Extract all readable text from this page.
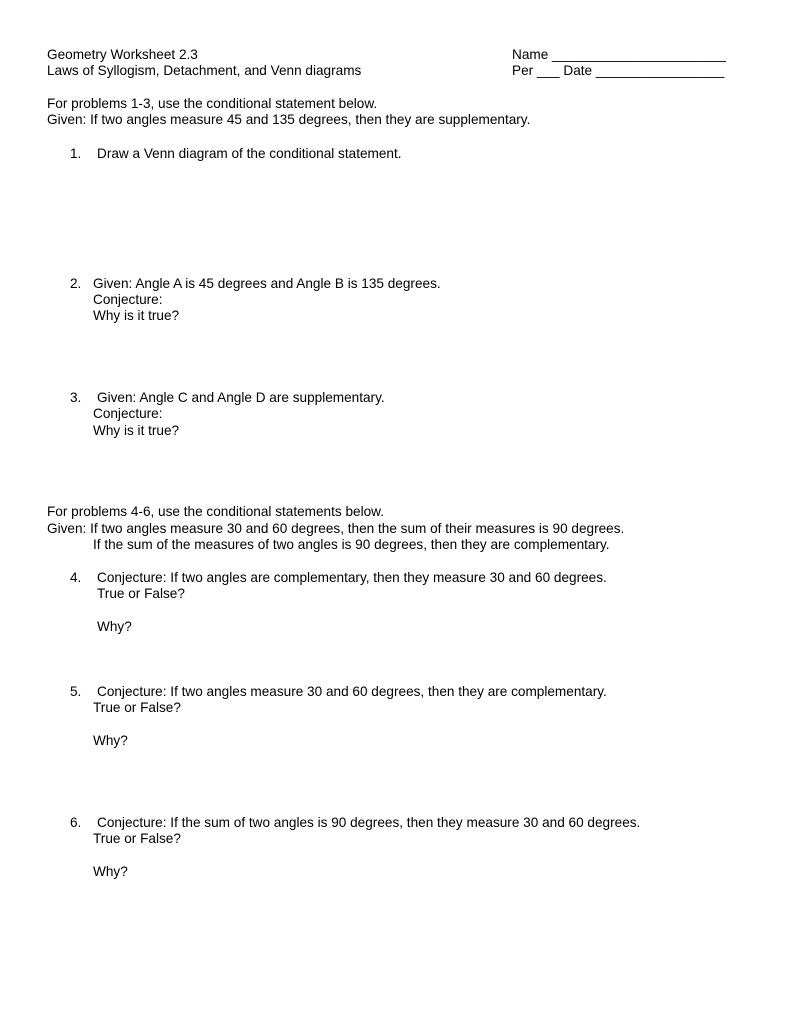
Geometry Worksheet 2.3
Laws of Syllogism, Detachment, and Venn diagrams
Name _______________________
Per ___ Date _________________
For problems 1-3, use the conditional statement below.
Given: If two angles measure 45 and 135 degrees, then they are supplementary.
1. Draw a Venn diagram of the conditional statement.
2. Given: Angle A is 45 degrees and Angle B is 135 degrees.
Conjecture:
Why is it true?
3. Given: Angle C and Angle D are supplementary.
Conjecture:
Why is it true?
For problems 4-6, use the conditional statements below.
Given: If two angles measure 30 and 60 degrees, then the sum of their measures is 90 degrees.
If the sum of the measures of two angles is 90 degrees, then they are complementary.
4. Conjecture: If two angles are complementary, then they measure 30 and 60 degrees.
True or False?
Why?
5. Conjecture: If two angles measure 30 and 60 degrees, then they are complementary.
True or False?
Why?
6. Conjecture: If the sum of two angles is 90 degrees, then they measure 30 and 60 degrees.
True or False?
Why?
